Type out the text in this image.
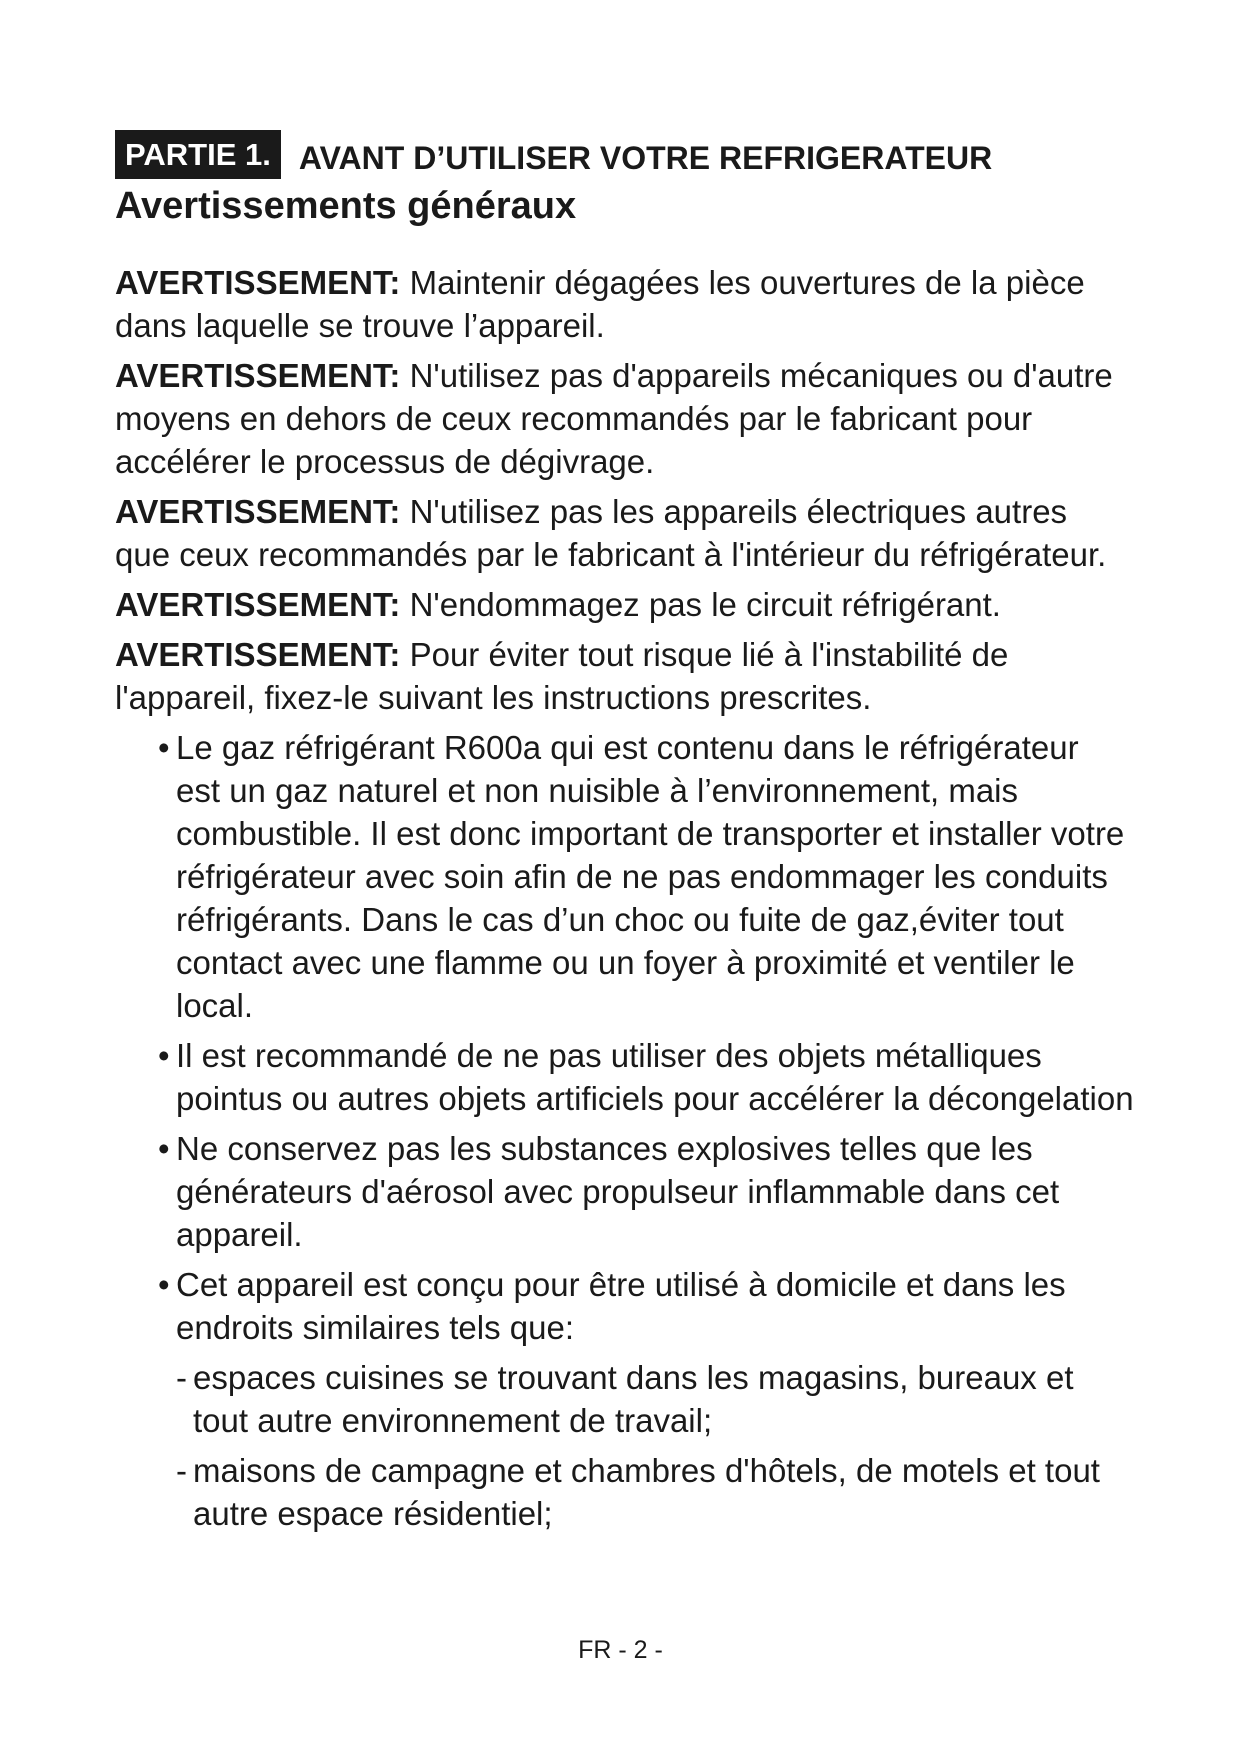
PARTIE 1. AVANT D’UTILISER VOTRE REFRIGERATEUR
Avertissements généraux
AVERTISSEMENT: Maintenir dégagées les ouvertures de la pièce
dans laquelle se trouve l’appareil.
AVERTISSEMENT: N'utilisez pas d'appareils mécaniques ou d'autre
moyens en dehors de ceux recommandés par le fabricant pour
accélérer le processus de dégivrage.
AVERTISSEMENT: N'utilisez pas les appareils électriques autres
que ceux recommandés par le fabricant à l'intérieur du réfrigérateur.
AVERTISSEMENT: N'endommagez pas le circuit réfrigérant.
AVERTISSEMENT: Pour éviter tout risque lié à l'instabilité de
l'appareil, fixez-le suivant les instructions prescrites.
• Le gaz réfrigérant R600a qui est contenu dans le réfrigérateur
est un gaz naturel et non nuisible à l’environnement, mais
combustible. Il est donc important de transporter et installer votre
réfrigérateur avec soin afin de ne pas endommager les conduits
réfrigérants. Dans le cas d’un choc ou fuite de gaz,éviter tout
contact avec une flamme ou un foyer à proximité et ventiler le
local.
• Il est recommandé de ne pas utiliser des objets métalliques
pointus ou autres objets artificiels pour accélérer la décongelation
• Ne conservez pas les substances explosives telles que les
générateurs d'aérosol avec propulseur inflammable dans cet
appareil.
• Cet appareil est conçu pour être utilisé à domicile et dans les
endroits similaires tels que:
- espaces cuisines se trouvant dans les magasins, bureaux et
tout autre environnement de travail;
- maisons de campagne et chambres d'hôtels, de motels et tout
autre espace résidentiel;
FR - 2 -
